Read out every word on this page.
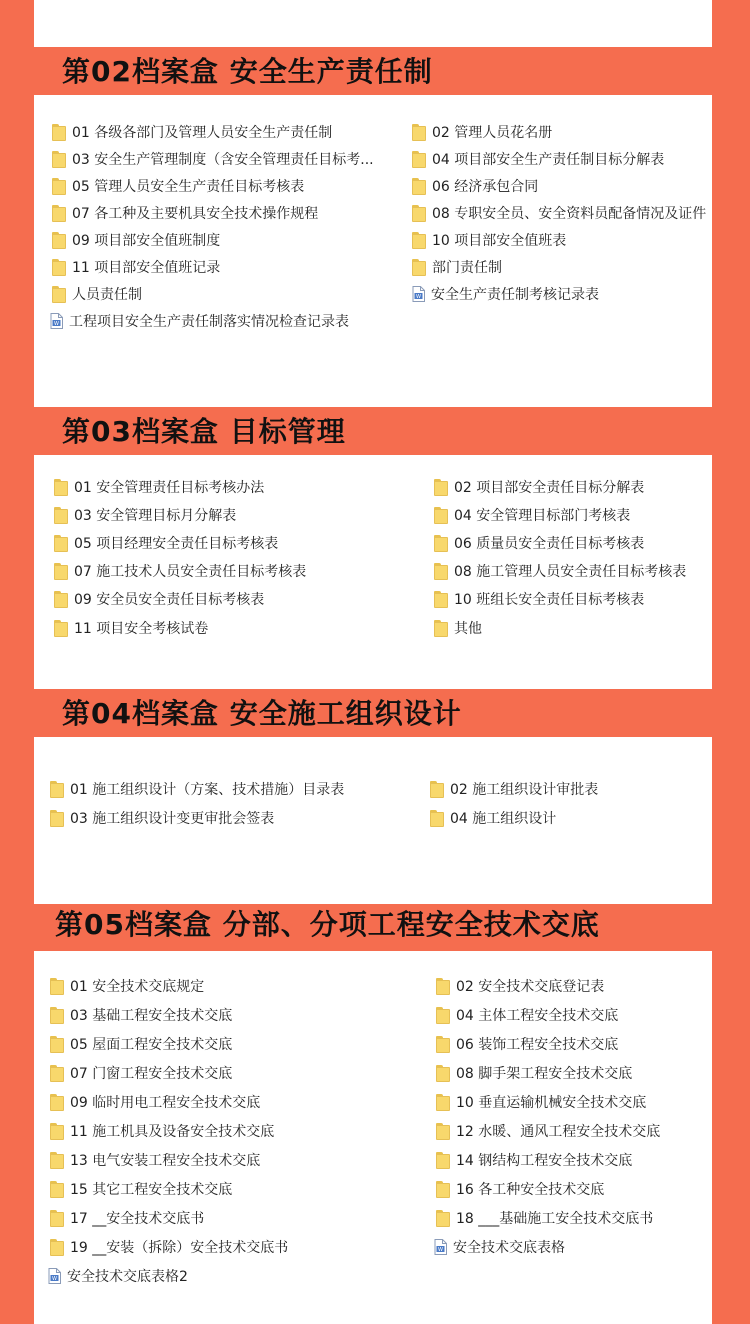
第02档案盒 安全生产责任制
01 各级各部门及管理人员安全生产责任制	02 管理人员花名册
03 安全生产管理制度（含安全管理责任目标考...	04 项目部安全生产责任制目标分解表
05 管理人员安全生产责任目标考核表	06 经济承包合同
07 各工种及主要机具安全技术操作规程	08 专职安全员、安全资料员配备情况及证件
09 项目部安全值班制度	10 项目部安全值班表
11 项目部安全值班记录	部门责任制
人员责任制	W 安全生产责任制考核记录表
W 工程项目安全生产责任制落实情况检查记录表
第03档案盒 目标管理
01 安全管理责任目标考核办法	02 项目部安全责任目标分解表
03 安全管理目标月分解表	04 安全管理目标部门考核表
05 项目经理安全责任目标考核表	06 质量员安全责任目标考核表
07 施工技术人员安全责任目标考核表	08 施工管理人员安全责任目标考核表
09 安全员安全责任目标考核表	10 班组长安全责任目标考核表
11 项目安全考核试卷	其他
第04档案盒 安全施工组织设计
01 施工组织设计（方案、技术措施）目录表	02 施工组织设计审批表
03 施工组织设计变更审批会签表	04 施工组织设计
第05档案盒 分部、分项工程安全技术交底
01 安全技术交底规定	02 安全技术交底登记表
03 基础工程安全技术交底	04 主体工程安全技术交底
05 屋面工程安全技术交底	06 装饰工程安全技术交底
07 门窗工程安全技术交底	08 脚手架工程安全技术交底
09 临时用电工程安全技术交底	10 垂直运输机械安全技术交底
11 施工机具及设备安全技术交底	12 水暖、通风工程安全技术交底
13 电气安装工程安全技术交底	14 钢结构工程安全技术交底
15 其它工程安全技术交底	16 各工种安全技术交底
17 __安全技术交底书	18 ___基础施工安全技术交底书
19 __安装（拆除）安全技术交底书	W 安全技术交底表格
W 安全技术交底表格2
